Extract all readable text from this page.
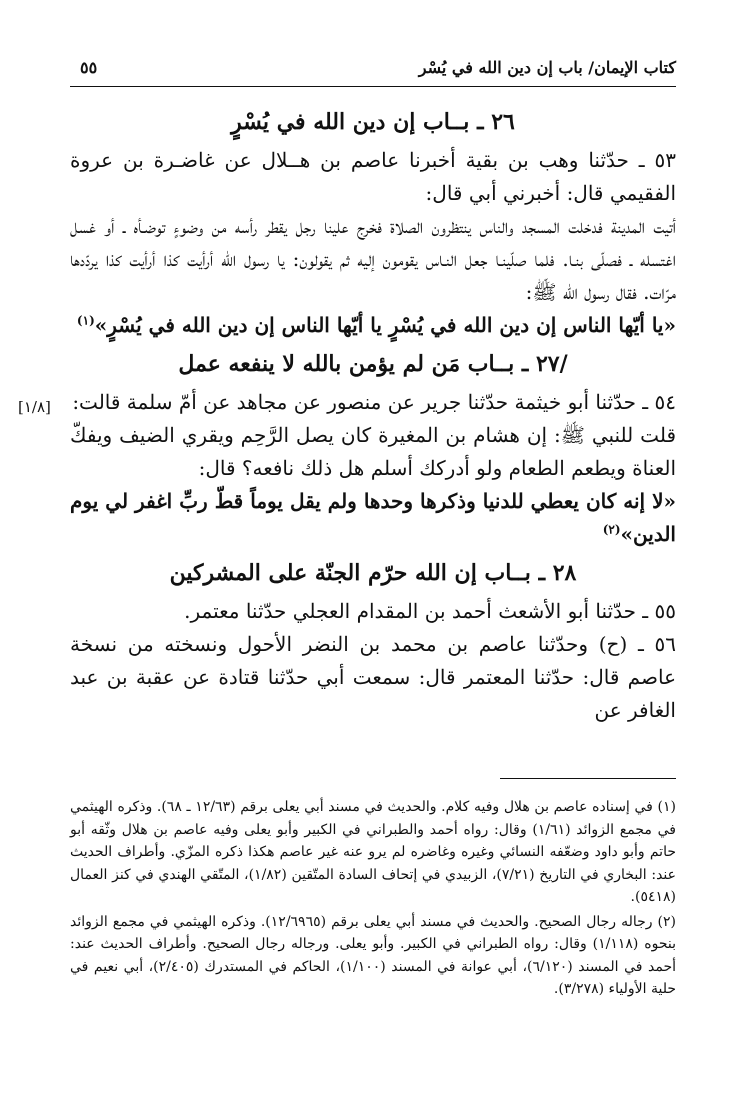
كتاب الإيمان/ باب إن دين الله في يُسْر
٥٥
[١/٨]

٢٦ ـ بــاب إن دين الله في يُسْرٍ

٥٣ ـ حدّثنا وهب بن بقية أخبرنا عاصم بن هــلال عن غاضـرة بن عروة الفقيمي قال: أخبرني أبي قال:

أتيت المدينة فدخلت المسجد والناس ينتظرون الصلاة فخرج علينا رجل يقطر رأسه من وضوءٍ توضـأه ـ أو غسل اغتسله ـ فصلّى بنـا. فلما صلّينـا جعل النـاس يقومون إليه ثم يقولون: يا رسول الله أرأيت كذا أرأيت كذا يردّدها مرّات. فقال رسول الله ﷺ:

«يا أيّها الناس إن دين الله في يُسْرٍ يا أيّها الناس إن دين الله في يُسْرٍ»$^{(١)}$

/٢٧ ـ بــاب مَن لم يؤمن بالله لا ينفعه عمل

٥٤ ـ حدّثنا أبو خيثمة حدّثنا جرير عن منصور عن مجاهد عن أمّ سلمة قالت:

قلت للنبي ﷺ: إن هشام بن المغيرة كان يصل الرَّحِم ويقري الضيف ويفكّ العناة ويطعم الطعام ولو أدركك أسلم هل ذلك نافعه؟ قال:

«لا إنه كان يعطي للدنيا وذكرها وحدها ولم يقل يوماً قطّ ربِّ اغفر لي يوم الدين»$^{(٢)}$

٢٨ ـ بــاب إن الله حرّم الجنّة على المشركين

٥٥ ـ حدّثنا أبو الأشعث أحمد بن المقدام العجلي حدّثنا معتمر.

٥٦ ـ (ح) وحدّثنا عاصم بن محمد بن النضر الأحول ونسخته من نسخة عاصم قال: حدّثنا المعتمر قال: سمعت أبي حدّثنا قتادة عن عقبة بن عبد الغافر عن

(١) في إسناده عاصم بن هلال وفيه كلام. والحديث في مسند أبي يعلى برقم (١٢/٦٣ ـ ٦٨). وذكره الهيثمي في مجمع الزوائد (١/٦١) وقال: رواه أحمد والطبراني في الكبير وأبو يعلى وفيه عاصم بن هلال وثّقه أبو حاتم وأبو داود وضعّفه النسائي وغيره وغاضره لم يرو عنه غير عاصم هكذا ذكره المزّي. وأطراف الحديث عند: البخاري في التاريخ (٧/٢١)، الزبيدي في إتحاف السادة المتّقين (١/٨٢)، المتّقي الهندي في كنز العمال (٥٤١٨).

(٢) رجاله رجال الصحيح. والحديث في مسند أبي يعلى برقم (١٢/٦٩٦٥). وذكره الهيثمي في مجمع الزوائد بنحوه (١/١١٨) وقال: رواه الطبراني في الكبير. وأبو يعلى. ورجاله رجال الصحيح. وأطراف الحديث عند: أحمد في المسند (٦/١٢٠)، أبي عوانة في المسند (١/١٠٠)، الحاكم في المستدرك (٢/٤٠٥)، أبي نعيم في حلية الأولياء (٣/٢٧٨).
